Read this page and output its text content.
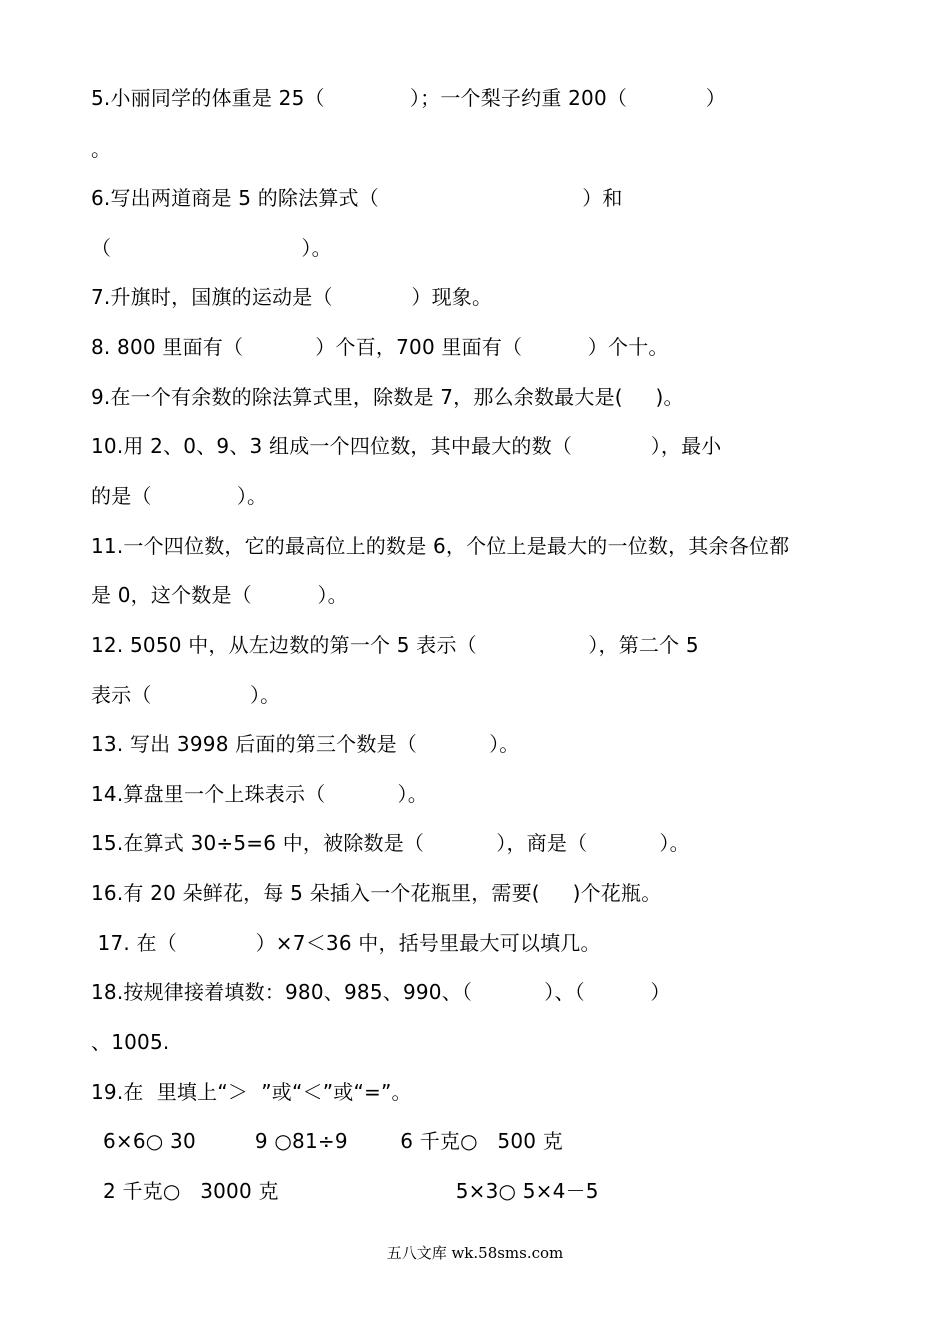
5.小丽同学的体重是 25（             ）；一个梨子约重 200（            ）
。
6.写出两道商是 5 的除法算式（                               ）和
（                             ）。
7.升旗时，国旗的运动是（            ）现象。
8. 800 里面有（           ）个百，700 里面有（          ）个十。
9.在一个有余数的除法算式里，除数是 7，那么余数最大是(     )。
10.用 2、0、9、3 组成一个四位数，其中最大的数（            ），最小
的是（             ）。
11.一个四位数，它的最高位上的数是 6，个位上是最大的一位数，其余各位都
是 0，这个数是（          ）。
12. 5050 中，从左边数的第一个 5 表示（                 ），第二个 5
表示（               ）。
13. 写出 3998 后面的第三个数是（           ）。
14.算盘里一个上珠表示（           ）。
15.在算式 30÷5=6 中，被除数是（           ），商是（           ）。
16.有 20 朵鲜花，每 5 朵插入一个花瓶里，需要(     )个花瓶。
17. 在（            ）×7＜36 中，括号里最大可以填几。
18.按规律接着填数：980、985、990、（           ）、（          ）
、1005.
19.在  里填上“＞  ”或“＜”或“=”。
6×6○ 30         9 ○81÷9        6 千克○   500 克
2 千克○   3000 克                           5×3○ 5×4－5
五八文库 wk.58sms.com
